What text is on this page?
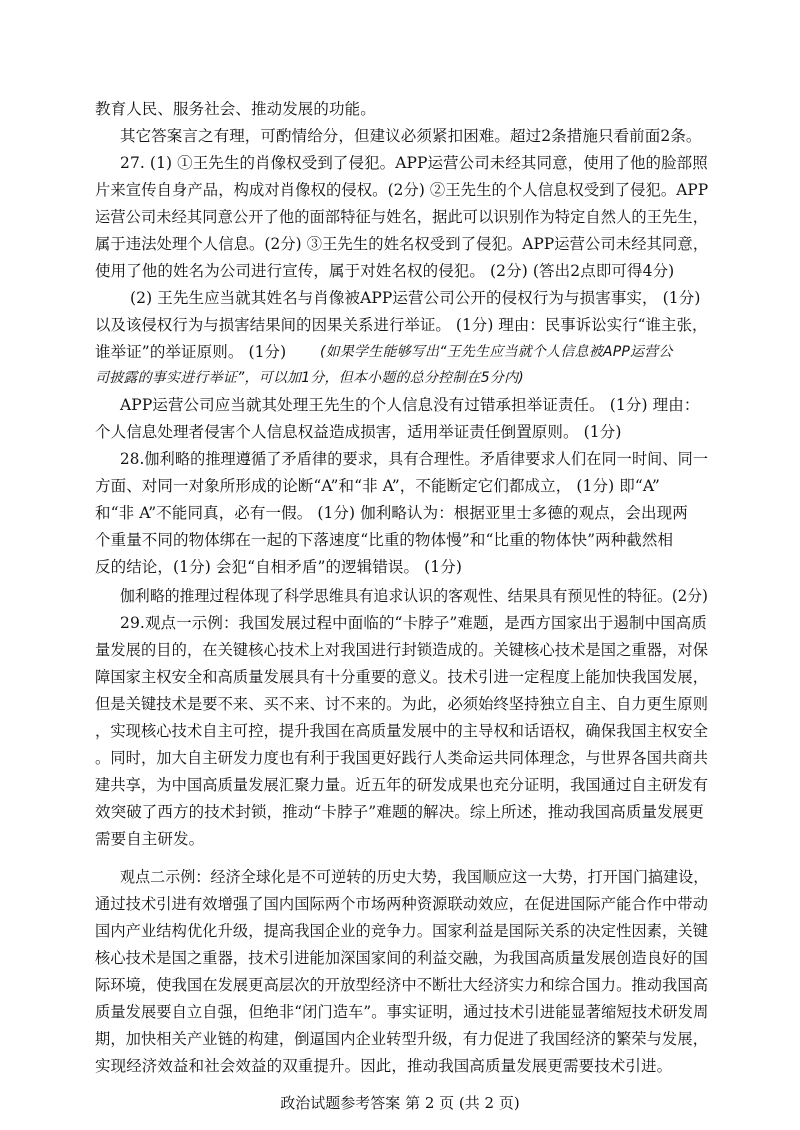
教育人民、服务社会、推动发展的功能。
其它答案言之有理，可酌情给分，但建议必须紧扣困难。超过2条措施只看前面2条。
27. (1) ①王先生的肖像权受到了侵犯。APP运营公司未经其同意，使用了他的脸部照
片来宣传自身产品，构成对肖像权的侵权。(2分) ②王先生的个人信息权受到了侵犯。APP
运营公司未经其同意公开了他的面部特征与姓名，据此可以识别作为特定自然人的王先生，
属于违法处理个人信息。(2分) ③王先生的姓名权受到了侵犯。APP运营公司未经其同意，
使用了他的姓名为公司进行宣传，属于对姓名权的侵犯。 (2分) (答出2点即可得4分)
(2) 王先生应当就其姓名与肖像被APP运营公司公开的侵权行为与损害事实， (1分)
以及该侵权行为与损害结果间的因果关系进行举证。 (1分) 理由：民事诉讼实行“谁主张，
谁举证”的举证原则。 (1分) (如果学生能够写出“王先生应当就个人信息被APP运营公
司披露的事实进行举证”，可以加1分，但本小题的总分控制在5分内)
APP运营公司应当就其处理王先生的个人信息没有过错承担举证责任。 (1分) 理由：
个人信息处理者侵害个人信息权益造成损害，适用举证责任倒置原则。 (1分)
28.伽利略的推理遵循了矛盾律的要求，具有合理性。矛盾律要求人们在同一时间、同一
方面、对同一对象所形成的论断“A”和“非 A”，不能断定它们都成立， (1分) 即“A”
和“非 A”不能同真，必有一假。 (1分) 伽利略认为：根据亚里士多德的观点，会出现两
个重量不同的物体绑在一起的下落速度“比重的物体慢”和“比重的物体快”两种截然相
反的结论，(1分) 会犯“自相矛盾”的逻辑错误。 (1分)
伽利略的推理过程体现了科学思维具有追求认识的客观性、结果具有预见性的特征。(2分)
29.观点一示例：我国发展过程中面临的“卡脖子”难题，是西方国家出于遏制中国高质
量发展的目的，在关键核心技术上对我国进行封锁造成的。关键核心技术是国之重器，对保
障国家主权安全和高质量发展具有十分重要的意义。技术引进一定程度上能加快我国发展，
但是关键技术是要不来、买不来、讨不来的。为此，必须始终坚持独立自主、自力更生原则
，实现核心技术自主可控，提升我国在高质量发展中的主导权和话语权，确保我国主权安全
。同时，加大自主研发力度也有利于我国更好践行人类命运共同体理念，与世界各国共商共
建共享，为中国高质量发展汇聚力量。近五年的研发成果也充分证明，我国通过自主研发有
效突破了西方的技术封锁，推动“卡脖子”难题的解决。综上所述，推动我国高质量发展更
需要自主研发。
观点二示例：经济全球化是不可逆转的历史大势，我国顺应这一大势，打开国门搞建设，
通过技术引进有效增强了国内国际两个市场两种资源联动效应，在促进国际产能合作中带动
国内产业结构优化升级，提高我国企业的竞争力。国家利益是国际关系的决定性因素，关键
核心技术是国之重器，技术引进能加深国家间的利益交融，为我国高质量发展创造良好的国
际环境，使我国在发展更高层次的开放型经济中不断壮大经济实力和综合国力。推动我国高
质量发展要自立自强，但绝非“闭门造车”。事实证明，通过技术引进能显著缩短技术研发周
期，加快相关产业链的构建，倒逼国内企业转型升级，有力促进了我国经济的繁荣与发展，
实现经济效益和社会效益的双重提升。因此，推动我国高质量发展更需要技术引进。
政治试题参考答案 第 2 页 (共 2 页)
